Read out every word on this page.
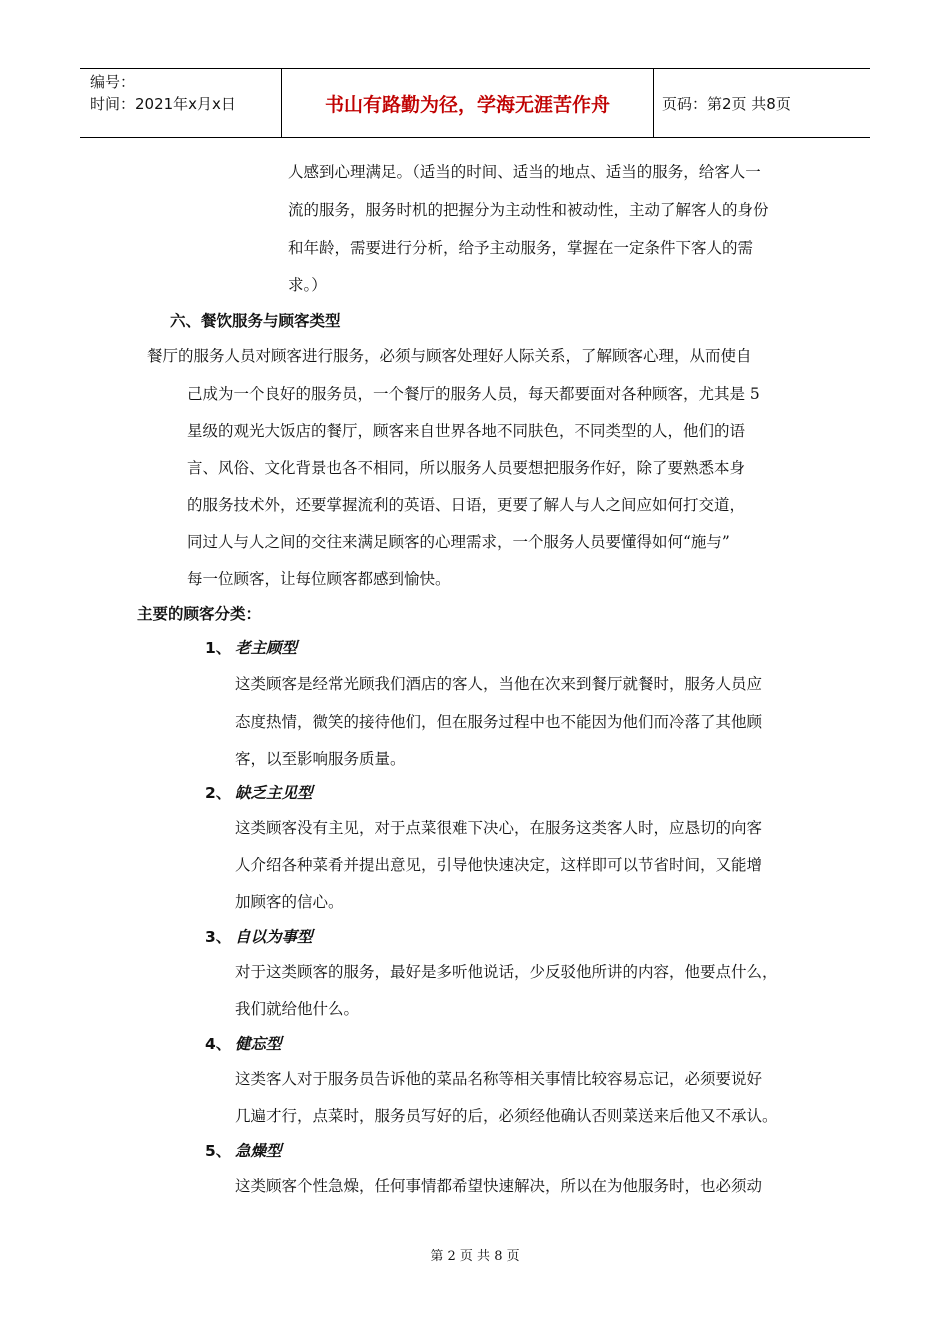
编号：
时间：2021年x月x日	书山有路勤为径，学海无涯苦作舟	页码：第2页 共8页
人感到心理满足。（适当的时间、适当的地点、适当的服务，给客人一
流的服务，服务时机的把握分为主动性和被动性，主动了解客人的身份
和年龄，需要进行分析，给予主动服务，掌握在一定条件下客人的需
求。）
六、餐饮服务与顾客类型
餐厅的服务人员对顾客进行服务，必须与顾客处理好人际关系，了解顾客心理，从而使自
己成为一个良好的服务员，一个餐厅的服务人员，每天都要面对各种顾客，尤其是 5
星级的观光大饭店的餐厅，顾客来自世界各地不同肤色，不同类型的人，他们的语
言、风俗、文化背景也各不相同，所以服务人员要想把服务作好，除了要熟悉本身
的服务技术外，还要掌握流利的英语、日语，更要了解人与人之间应如何打交道，
同过人与人之间的交往来满足顾客的心理需求，一个服务人员要懂得如何“施与”
每一位顾客，让每位顾客都感到愉快。
主要的顾客分类：
1、 老主顾型
这类顾客是经常光顾我们酒店的客人，当他在次来到餐厅就餐时，服务人员应
态度热情，微笑的接待他们，但在服务过程中也不能因为他们而冷落了其他顾
客，以至影响服务质量。
2、 缺乏主见型
这类顾客没有主见，对于点菜很难下决心，在服务这类客人时，应恳切的向客
人介绍各种菜肴并提出意见，引导他快速决定，这样即可以节省时间，又能增
加顾客的信心。
3、 自以为事型
对于这类顾客的服务，最好是多听他说话，少反驳他所讲的内容，他要点什么，
我们就给他什么。
4、 健忘型
这类客人对于服务员告诉他的菜品名称等相关事情比较容易忘记，必须要说好
几遍才行，点菜时，服务员写好的后，必须经他确认否则菜送来后他又不承认。
5、 急燥型
这类顾客个性急燥，任何事情都希望快速解决，所以在为他服务时，也必须动
第 2 页 共 8 页
